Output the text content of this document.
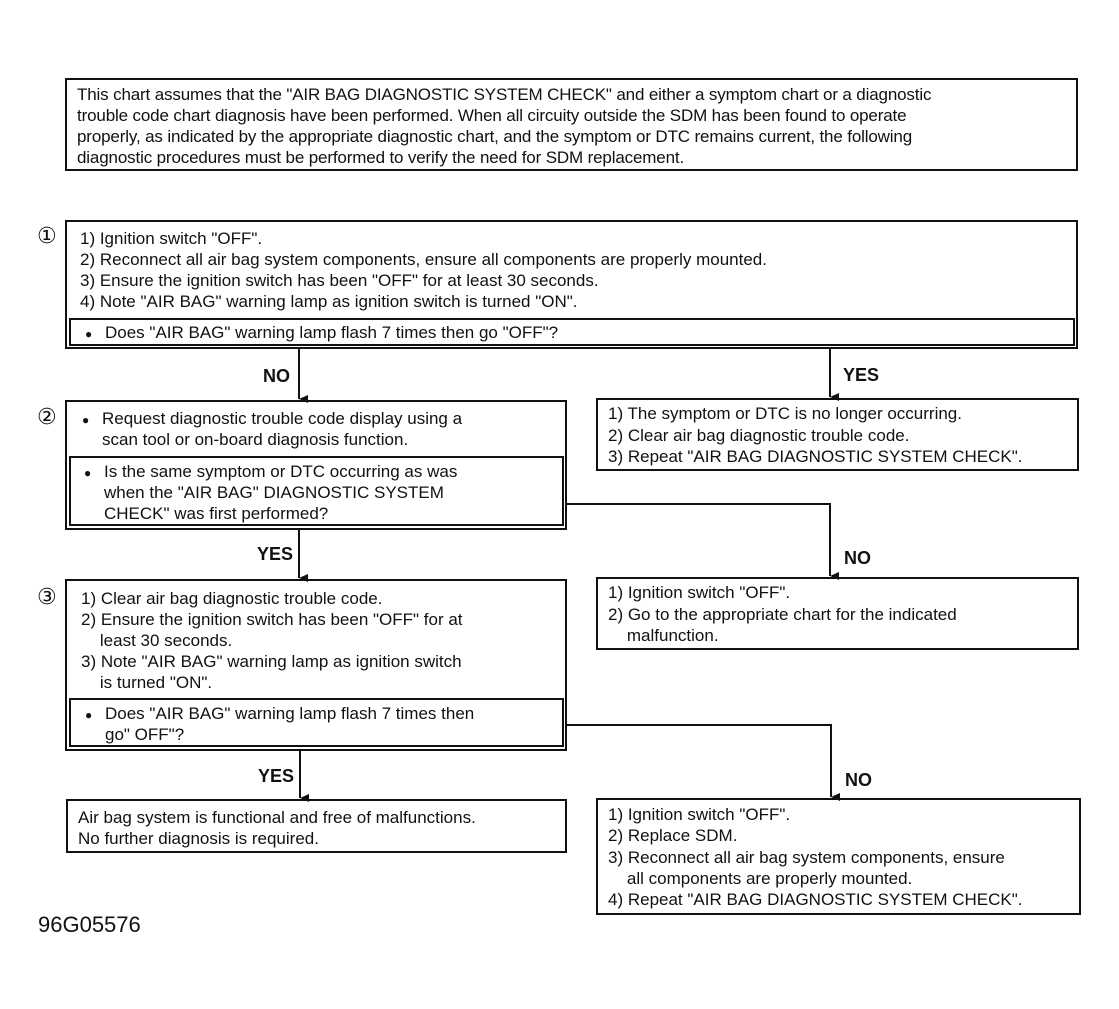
This chart assumes that the "AIR BAG DIAGNOSTIC SYSTEM CHECK" and either a symptom chart or a diagnostic
trouble code chart diagnosis have been performed. When all circuity outside the SDM has been found to operate
properly, as indicated by the appropriate diagnostic chart, and the symptom or DTC remains current, the following
diagnostic procedures must be performed to verify the need for SDM replacement.
① 1) Ignition switch "OFF".
2) Reconnect all air bag system components, ensure all components are properly mounted.
3) Ensure the ignition switch has been "OFF" for at least 30 seconds.
4) Note "AIR BAG" warning lamp as ignition switch is turned "ON".
● Does "AIR BAG" warning lamp flash 7 times then go "OFF"?
1) The symptom or DTC is no longer occurring.
2) Clear air bag diagnostic trouble code.
3) Repeat "AIR BAG DIAGNOSTIC SYSTEM CHECK".
②
●	Request diagnostic trouble code display using a
scan tool or on-board diagnosis function.
● Is the same symptom or DTC occurring as was
when the "AIR BAG" DIAGNOSTIC SYSTEM
CHECK" was first performed?
1) Ignition switch "OFF".
2) Go to the appropriate chart for the indicated
malfunction.
③ 1) Clear air bag diagnostic trouble code.
2) Ensure the ignition switch has been "OFF" for at
least 30 seconds.
3) Note "AIR BAG" warning lamp as ignition switch
is turned "ON".
● Does "AIR BAG" warning lamp flash 7 times then
go" OFF"?
Air bag system is functional and free of malfunctions.
No further diagnosis is required.
1) Ignition switch "OFF".
2) Replace SDM.
3) Reconnect all air bag system components, ensure
all components are properly mounted.
4) Repeat "AIR BAG DIAGNOSTIC SYSTEM CHECK".
NO	YES
YES	NO
YES	NO
96G05576
